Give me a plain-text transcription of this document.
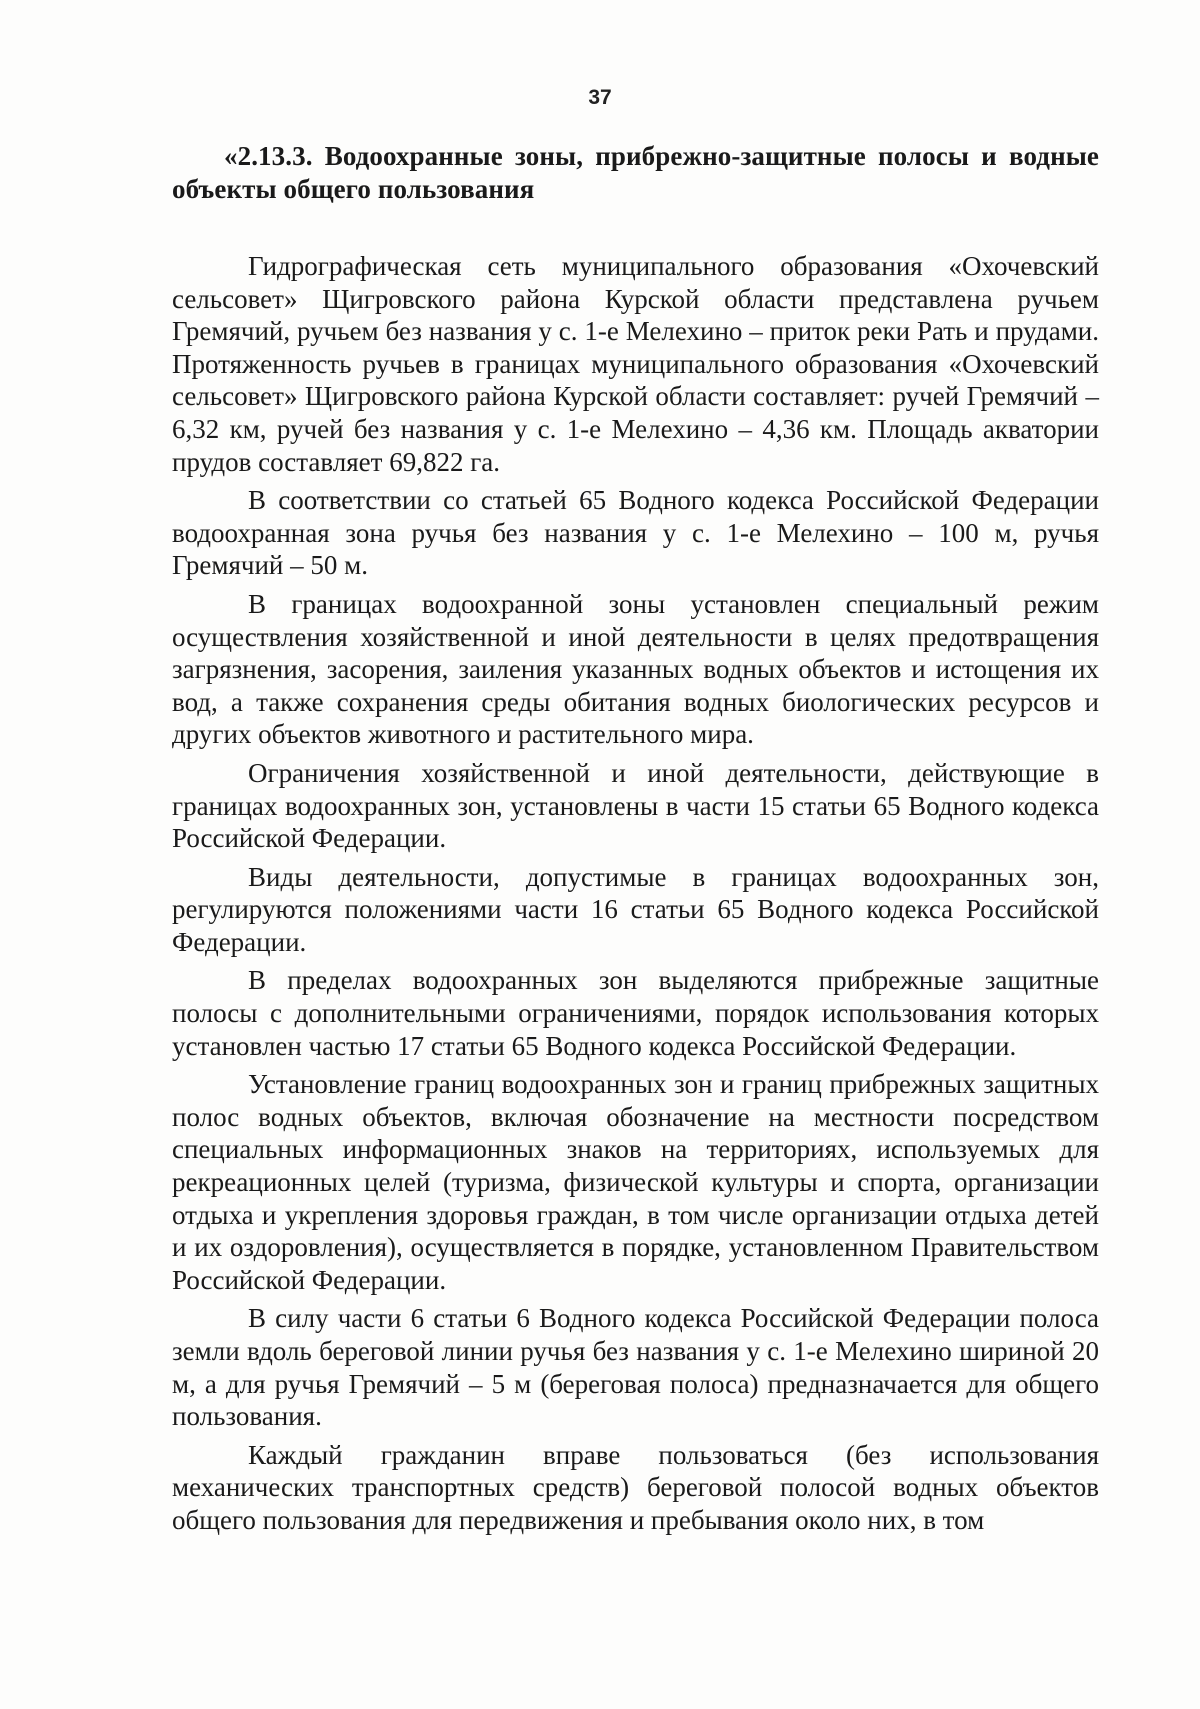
37

«2.13.3. Водоохранные зоны, прибрежно-защитные полосы и водные объекты общего пользования

Гидрографическая сеть муниципального образования «Охочевский сельсовет» Щигровского района Курской области представлена ручьем Гремячий, ручьем без названия у с. 1-е Мелехино – приток реки Рать и прудами. Протяженность ручьев в границах муниципального образования «Охочевский сельсовет» Щигровского района Курской области составляет: ручей Гремячий – 6,32 км, ручей без названия у с. 1-е Мелехино – 4,36 км. Площадь акватории прудов составляет 69,822 га.

В соответствии со статьей 65 Водного кодекса Российской Федерации водоохранная зона ручья без названия у с. 1-е Мелехино – 100 м, ручья Гремячий – 50 м.

В границах водоохранной зоны установлен специальный режим осуществления хозяйственной и иной деятельности в целях предотвращения загрязнения, засорения, заиления указанных водных объектов и истощения их вод, а также сохранения среды обитания водных биологических ресурсов и других объектов животного и растительного мира.

Ограничения хозяйственной и иной деятельности, действующие в границах водоохранных зон, установлены в части 15 статьи 65 Водного кодекса Российской Федерации.

Виды деятельности, допустимые в границах водоохранных зон, регулируются положениями части 16 статьи 65 Водного кодекса Российской Федерации.

В пределах водоохранных зон выделяются прибрежные защитные полосы с дополнительными ограничениями, порядок использования которых установлен частью 17 статьи 65 Водного кодекса Российской Федерации.

Установление границ водоохранных зон и границ прибрежных защитных полос водных объектов, включая обозначение на местности посредством специальных информационных знаков на территориях, используемых для рекреационных целей (туризма, физической культуры и спорта, организации отдыха и укрепления здоровья граждан, в том числе организации отдыха детей и их оздоровления), осуществляется в порядке, установленном Правительством Российской Федерации.

В силу части 6 статьи 6 Водного кодекса Российской Федерации полоса земли вдоль береговой линии ручья без названия у с. 1-е Мелехино шириной 20 м, а для ручья Гремячий – 5 м (береговая полоса) предназначается для общего пользования.

Каждый гражданин вправе пользоваться (без использования механических транспортных средств) береговой полосой водных объектов общего пользования для передвижения и пребывания около них, в том
